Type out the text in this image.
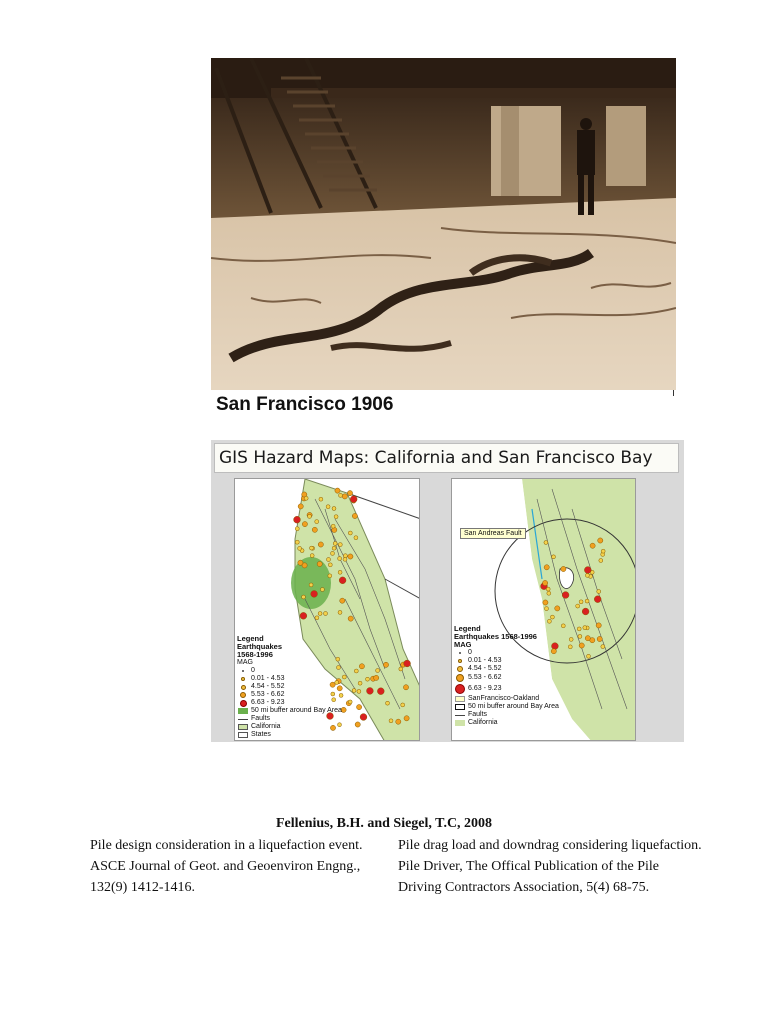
San Francisco 1906
GIS Hazard Maps: California and San Francisco Bay
Legend
Earthquakes 1568-1996
MAG
0
0.01 - 4.53
4.54 - 5.52
5.53 - 6.62
6.63 - 9.23
50 mi buffer around Bay Area
Faults
California
States
San Andreas Fault
Legend
Earthquakes 1568-1996
MAG
0
0.01 - 4.53
4.54 - 5.52
5.53 - 6.62
6.63 - 9.23
SanFrancisco-Oakland
50 mi buffer around Bay Area
Faults
California
Fellenius, B.H. and Siegel, T.C, 2008
Pile design consideration in a liquefaction event.
ASCE Journal of Geot. and Geoenviron Engng.,
132(9) 1412-1416.
Pile drag load and downdrag considering liquefaction.
Pile Driver, The Offical Publication of the Pile
Driving Contractors Association, 5(4) 68-75.
